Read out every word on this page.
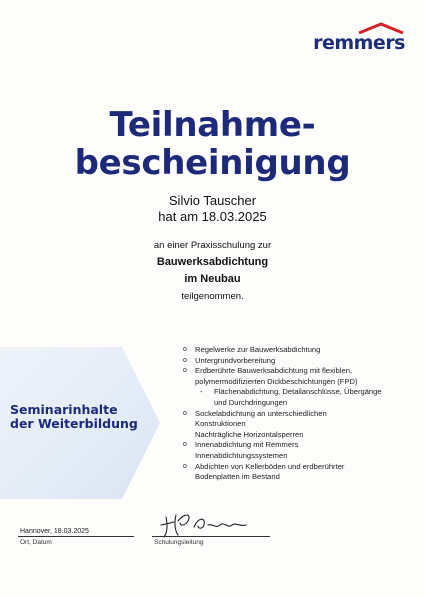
remmers
Teilnahme-
bescheinigung
Silvio Tauscher
hat am 18.03.2025
an einer Praxisschulung zur
Bauwerksabdichtung
im Neubau
teilgenommen.
Seminarinhalte
der Weiterbildung
o Regelwerke zur Bauwerksabdichtung
o Untergrundvorbereitung
o Erdberührte Bauwerksabdichtung mit flexiblen,
polymermodifizierten Dickbeschichtungen (FPD)
- Flächenabdichtung, Detailanschlüsse, Übergänge
und Durchdringungen
o Sockelabdichtung an unterschiedlichen
Konstruktionen
Nachträgliche Horizontalsperren
o Innenabdichtung mit Remmers
Innenabdichtungssystemen
o Abdichten von Kellerböden und erdberührter
Bodenplatten im Bestand
Hannover, 18.03.2025
Ort, Datum	Schulungsleitung
